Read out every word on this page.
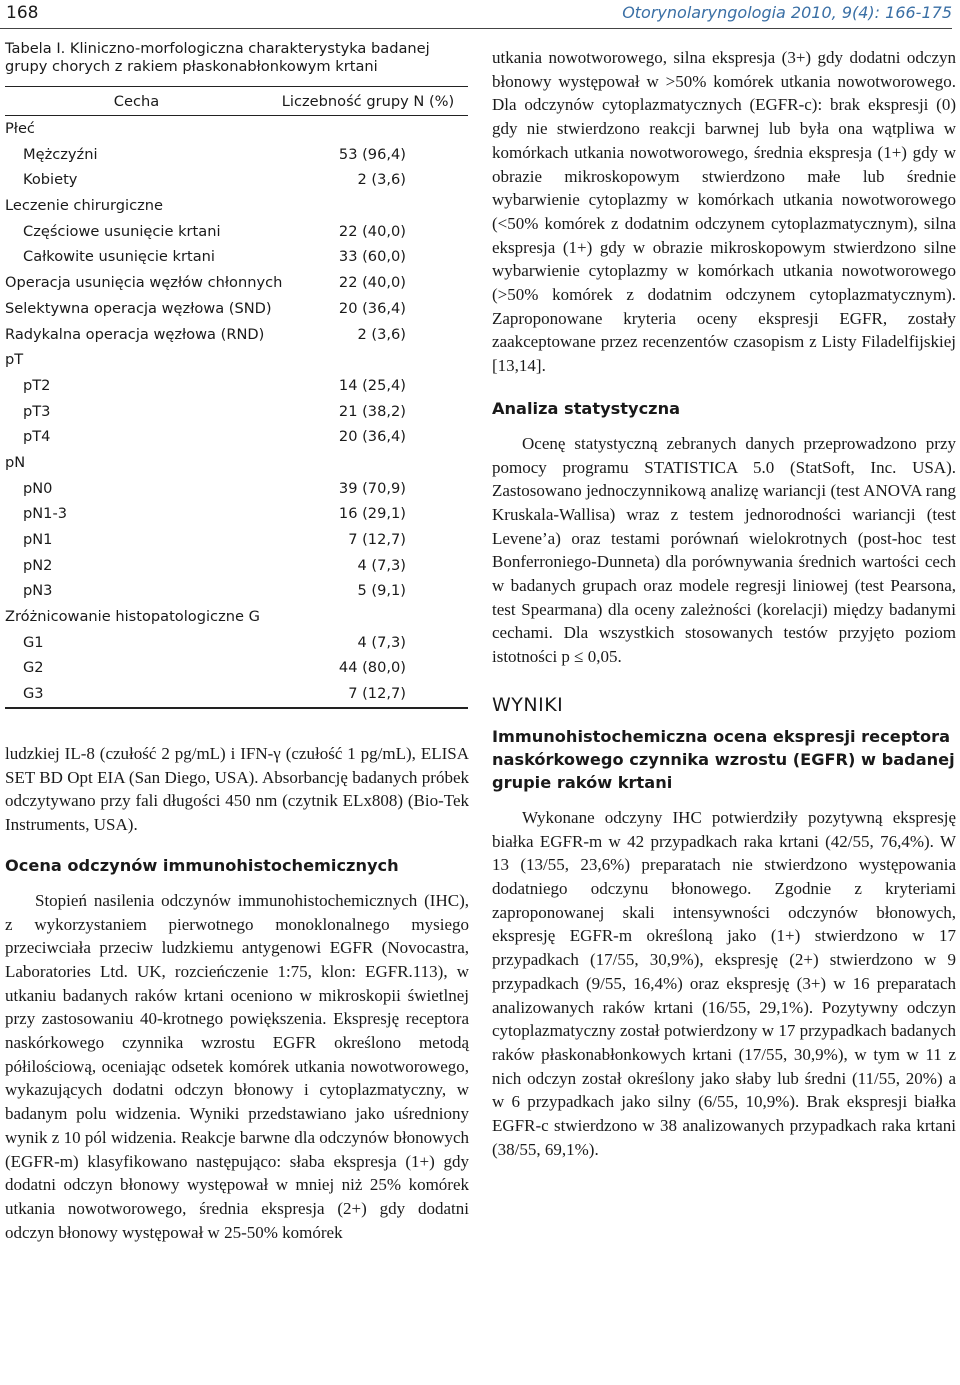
168	Otorynolaryngologia 2010, 9(4): 166-175
Tabela I. Kliniczno-morfologiczna charakterystyka badanej grupy chorych z rakiem płaskonabłonkowym krtani
Cecha	Liczebność grupy N (%)
Płeć
Mężczyźni	53 (96,4)
Kobiety	2 (3,6)
Leczenie chirurgiczne
Częściowe usunięcie krtani	22 (40,0)
Całkowite usunięcie krtani	33 (60,0)
Operacja usunięcia węzłów chłonnych	22 (40,0)
Selektywna operacja węzłowa (SND)	20 (36,4)
Radykalna operacja węzłowa (RND)	2 (3,6)
pT
pT2	14 (25,4)
pT3	21 (38,2)
pT4	20 (36,4)
pN
pN0	39 (70,9)
pN1-3	16 (29,1)
pN1	7 (12,7)
pN2	4 (7,3)
pN3	5 (9,1)
Zróżnicowanie histopatologiczne G
G1	4 (7,3)
G2	44 (80,0)
G3	7 (12,7)

ludzkiej IL-8 (czułość 2 pg/mL) i IFN-γ (czułość 1 pg/mL), ELISA SET BD Opt EIA (San Diego, USA). Absorbancję badanych próbek odczytywano przy fali długości 450 nm (czytnik ELx808) (Bio-Tek Instruments, USA).

Ocena odczynów immunohistochemicznych

Stopień nasilenia odczynów immunohistochemicznych (IHC), z wykorzystaniem pierwotnego monoklonalnego mysiego przeciwciała przeciw ludzkiemu antygenowi EGFR (Novocastra, Laboratories Ltd. UK, rozcieńczenie 1:75, klon: EGFR.113), w utkaniu badanych raków krtani oceniono w mikroskopii świetlnej przy zastosowaniu 40-krotnego powiększenia. Ekspresję receptora naskórkowego czynnika wzrostu EGFR określono metodą półilościową, oceniając odsetek komórek utkania nowotworowego, wykazujących dodatni odczyn błonowy i cytoplazmatyczny, w badanym polu widzenia. Wyniki przedstawiano jako uśredniony wynik z 10 pól widzenia. Reakcje barwne dla odczynów błonowych (EGFR-m) klasyfikowano następująco: słaba ekspresja (1+) gdy dodatni odczyn błonowy występował w mniej niż 25% komórek utkania nowotworowego, średnia ekspresja (2+) gdy dodatni odczyn błonowy występował w 25-50% komórek

utkania nowotworowego, silna ekspresja (3+) gdy dodatni odczyn błonowy występował w >50% komórek utkania nowotworowego. Dla odczynów cytoplazmatycznych (EGFR-c): brak ekspresji (0) gdy nie stwierdzono reakcji barwnej lub była ona wątpliwa w komórkach utkania nowotworowego, średnia ekspresja (1+) gdy w obrazie mikroskopowym stwierdzono małe lub średnie wybarwienie cytoplazmy w komórkach utkania nowotworowego (<50% komórek z dodatnim odczynem cytoplazmatycznym), silna ekspresja (1+) gdy w obrazie mikroskopowym stwierdzono silne wybarwienie cytoplazmy w komórkach utkania nowotworowego (>50% komórek z dodatnim odczynem cytoplazmatycznym). Zaproponowane kryteria oceny ekspresji EGFR, zostały zaakceptowane przez recenzentów czasopism z Listy Filadelfijskiej [13,14].

Analiza statystyczna

Ocenę statystyczną zebranych danych przeprowadzono przy pomocy programu STATISTICA 5.0 (StatSoft, Inc. USA). Zastosowano jednoczynnikową analizę wariancji (test ANOVA rang Kruskala-Wallisa) wraz z testem jednorodności wariancji (test Levene’a) oraz testami porównań wielokrotnych (post-hoc test Bonferroniego-Dunneta) dla porównywania średnich wartości cech w badanych grupach oraz modele regresji liniowej (test Pearsona, test Spearmana) dla oceny zależności (korelacji) między badanymi cechami. Dla wszystkich stosowanych testów przyjęto poziom istotności p ≤ 0,05.

WYNIKI
Immunohistochemiczna ocena ekspresji receptora naskórkowego czynnika wzrostu (EGFR) w badanej grupie raków krtani

Wykonane odczyny IHC potwierdziły pozytywną ekspresję białka EGFR-m w 42 przypadkach raka krtani (42/55, 76,4%). W 13 (13/55, 23,6%) preparatach nie stwierdzono występowania dodatniego odczynu błonowego. Zgodnie z kryteriami zaproponowanej skali intensywności odczynów błonowych, ekspresję EGFR-m określoną jako (1+) stwierdzono w 17 przypadkach (17/55, 30,9%), ekspresję (2+) stwierdzono w 9 przypadkach (9/55, 16,4%) oraz ekspresję (3+) w 16 preparatach analizowanych raków krtani (16/55, 29,1%). Pozytywny odczyn cytoplazmatyczny został potwierdzony w 17 przypadkach badanych raków płaskonabłonkowych krtani (17/55, 30,9%), w tym w 11 z nich odczyn został określony jako słaby lub średni (11/55, 20%) a w 6 przypadkach jako silny (6/55, 10,9%). Brak ekspresji białka EGFR-c stwierdzono w 38 analizowanych przypadkach raka krtani (38/55, 69,1%).
